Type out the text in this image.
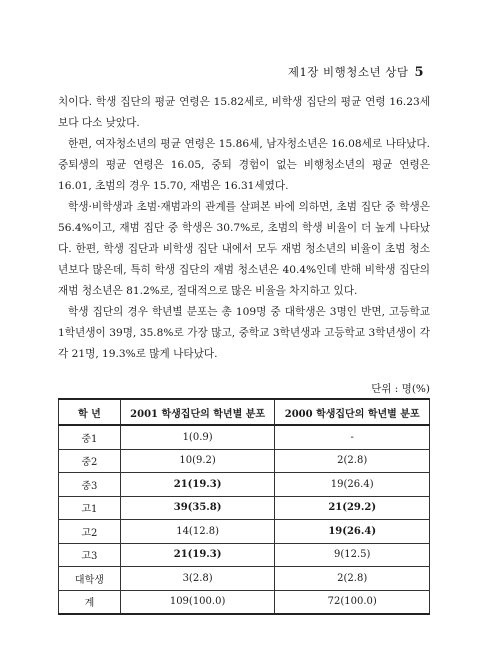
제1장 비행청소년 상담 5

치이다. 학생 집단의 평균 연령은 15.82세로, 비학생 집단의 평균 연령 16.23세 보다 다소 낮았다.

한편, 여자청소년의 평균 연령은 15.86세, 남자청소년은 16.08세로 나타났다. 중퇴생의 평균 연령은 16.05, 중퇴 경험이 없는 비행청소년의 평균 연령은 16.01, 초범의 경우 15.70, 재범은 16.31세였다.

학생·비학생과 초범·재범과의 관계를 살펴본 바에 의하면, 초범 집단 중 학생은 56.4%이고, 재범 집단 중 학생은 30.7%로, 초범의 학생 비율이 더 높게 나타났다. 한편, 학생 집단과 비학생 집단 내에서 모두 재범 청소년의 비율이 초범 청소년보다 많은데, 특히 학생 집단의 재범 청소년은 40.4%인데 반해 비학생 집단의 재범 청소년은 81.2%로, 절대적으로 많은 비율을 차지하고 있다.

학생 집단의 경우 학년별 분포는 총 109명 중 대학생은 3명인 반면, 고등학교 1학년생이 39명, 35.8%로 가장 많고, 중학교 3학년생과 고등학교 3학년생이 각각 21명, 19.3%로 많게 나타났다.

단위 : 명(%)
학 년	2001 학생집단의 학년별 분포	2000 학생집단의 학년별 분포
중1	1(0.9)	-
중2	10(9.2)	2(2.8)
중3	21(19.3)	19(26.4)
고1	39(35.8)	21(29.2)
고2	14(12.8)	19(26.4)
고3	21(19.3)	9(12.5)
대학생	3(2.8)	2(2.8)
계	109(100.0)	72(100.0)
